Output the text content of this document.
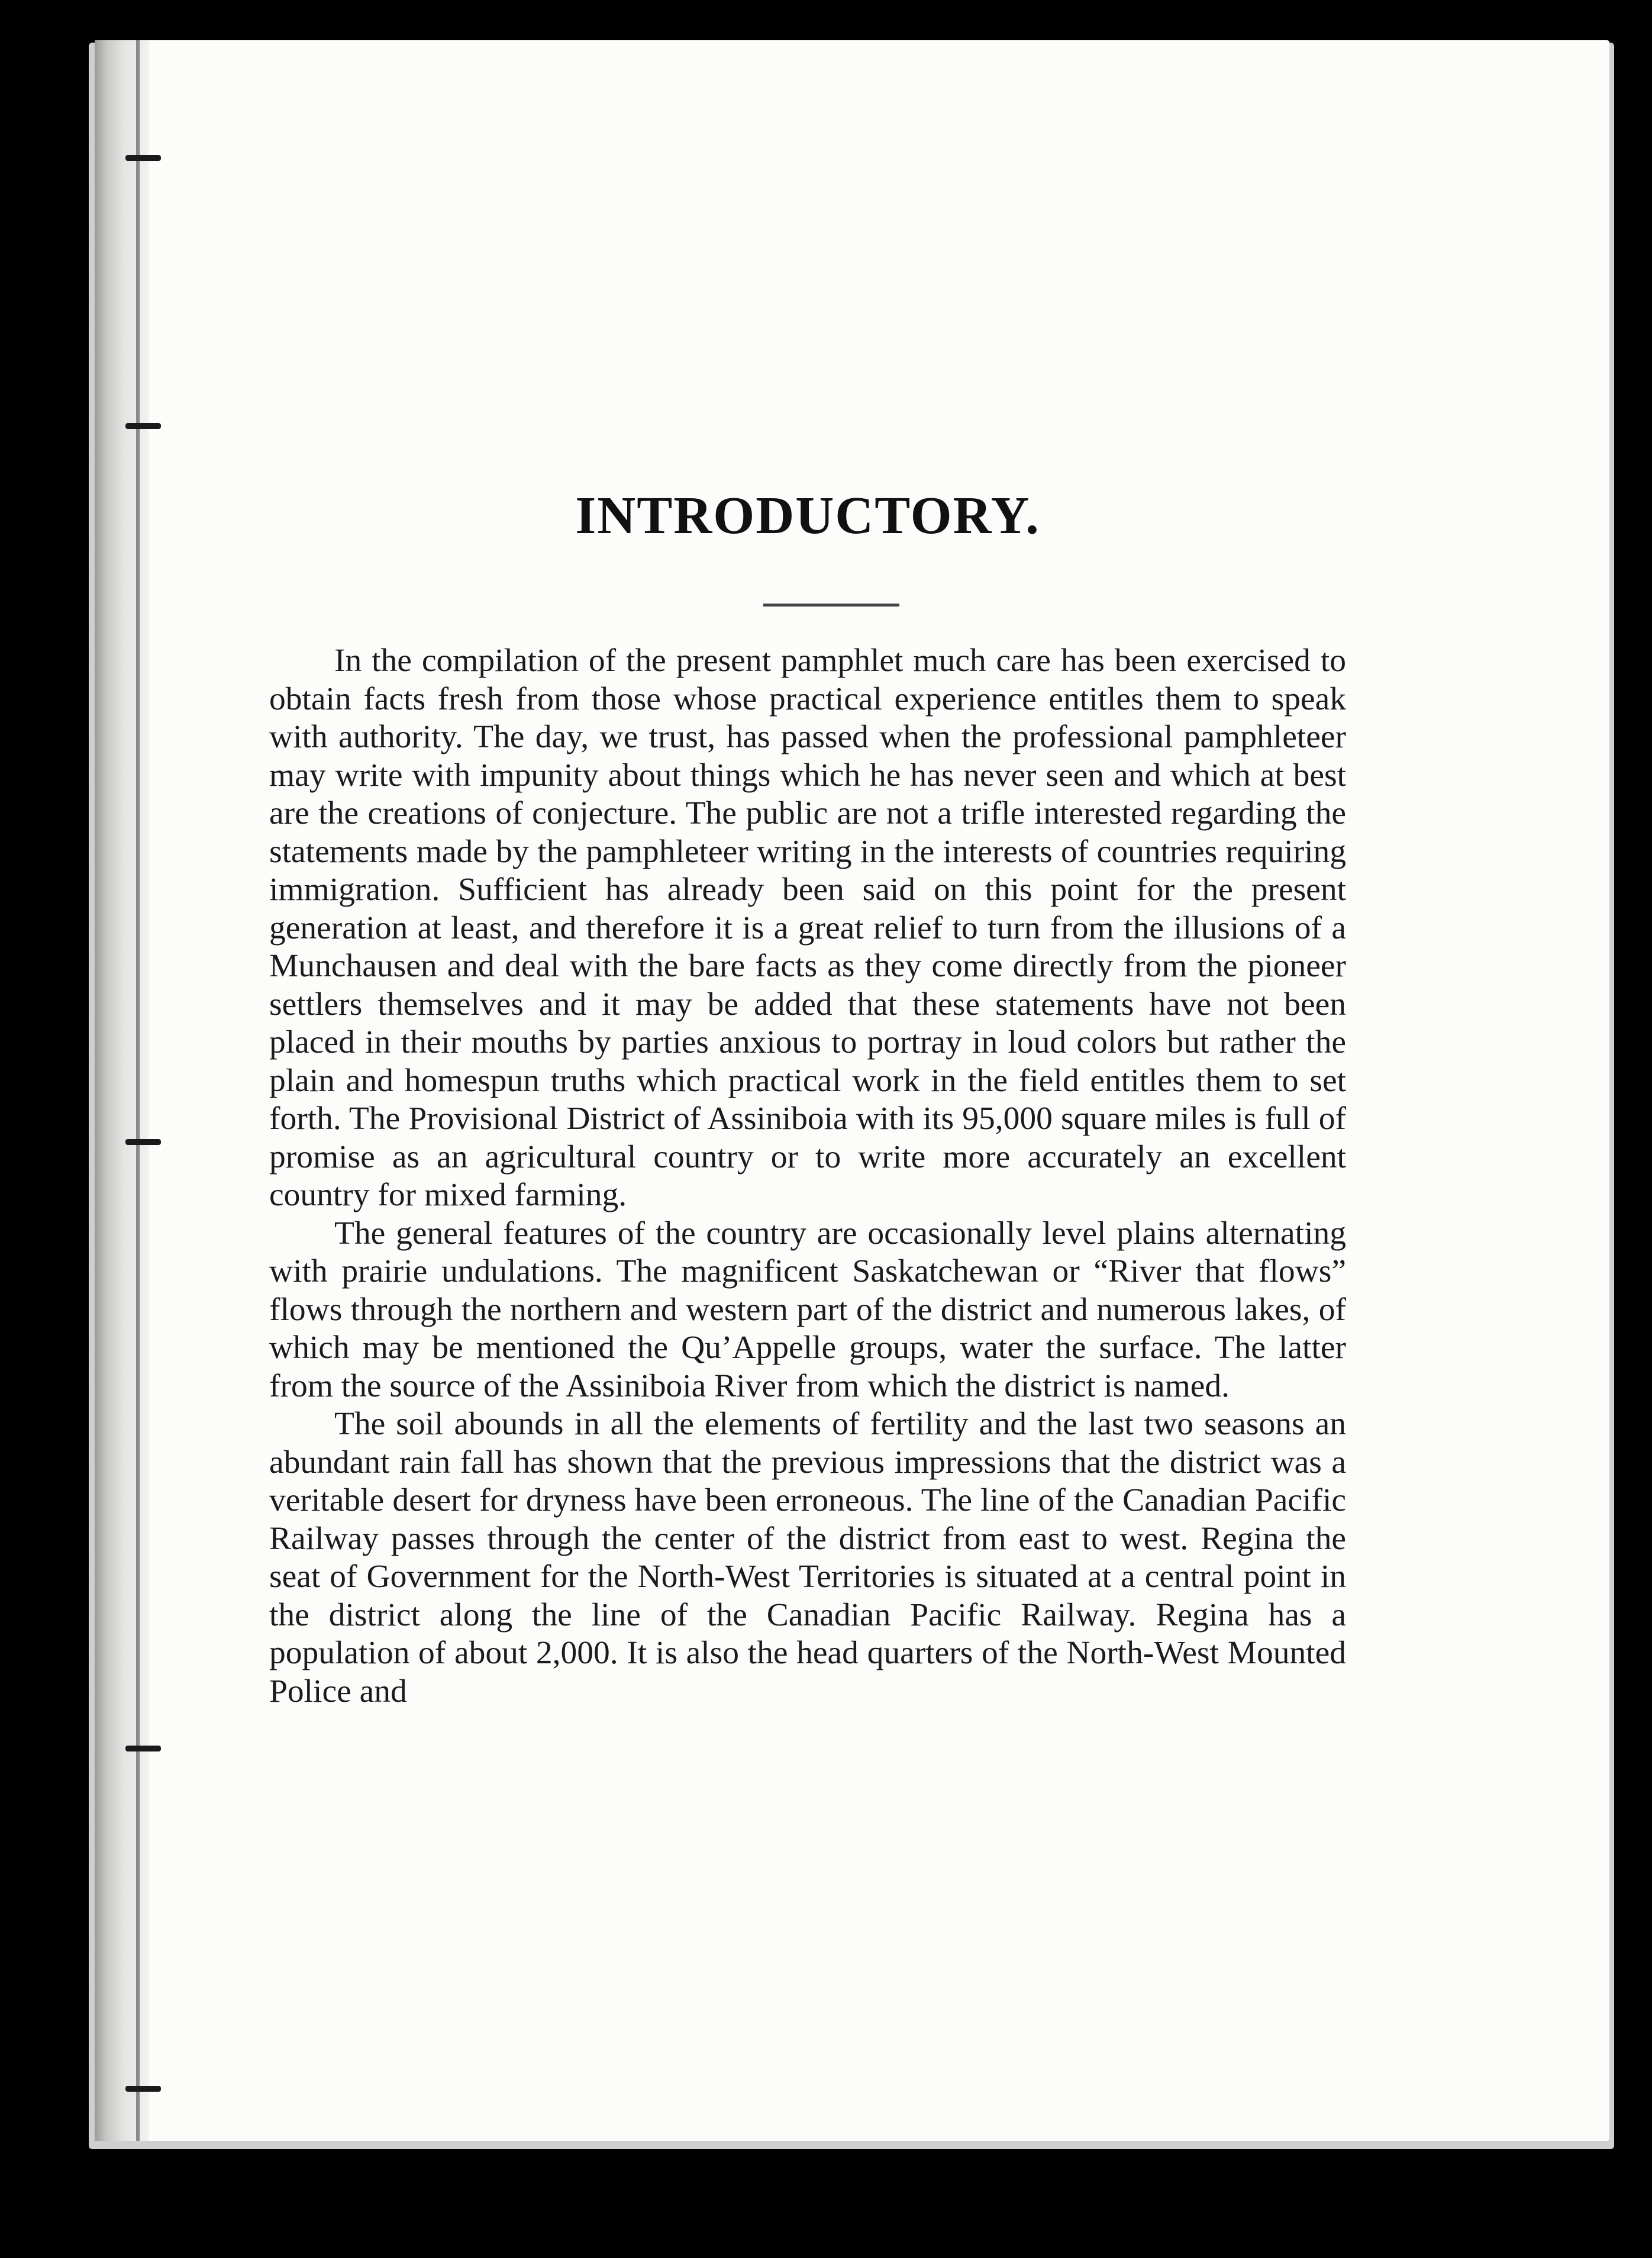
INTRODUCTORY.

In the compilation of the present pamphlet much care has been exercised to obtain facts fresh from those whose practical experience entitles them to speak with authority. The day, we trust, has passed when the professional pamphleteer may write with impunity about things which he has never seen and which at best are the creations of conjecture. The public are not a trifle interested regarding the statements made by the pamphleteer writing in the interests of countries requiring immigration. Sufficient has already been said on this point for the present generation at least, and therefore it is a great relief to turn from the illusions of a Munchausen and deal with the bare facts as they come directly from the pioneer settlers themselves and it may be added that these statements have not been placed in their mouths by parties anxious to portray in loud colors but rather the plain and homespun truths which practical work in the field entitles them to set forth. The Provisional District of Assiniboia with its 95,000 square miles is full of promise as an agricultural country or to write more accurately an excellent country for mixed farming.

The general features of the country are occasionally level plains alternating with prairie undulations. The magnificent Saskatchewan or “River that flows” flows through the northern and western part of the district and numerous lakes, of which may be mentioned the Qu’Appelle groups, water the surface. The latter from the source of the Assiniboia River from which the district is named.

The soil abounds in all the elements of fertility and the last two seasons an abundant rain fall has shown that the previous impressions that the district was a veritable desert for dryness have been erroneous. The line of the Canadian Pacific Railway passes through the center of the district from east to west. Regina the seat of Government for the North-West Territories is situated at a central point in the district along the line of the Canadian Pacific Railway. Regina has a population of about 2,000. It is also the head quarters of the North-West Mounted Police and
